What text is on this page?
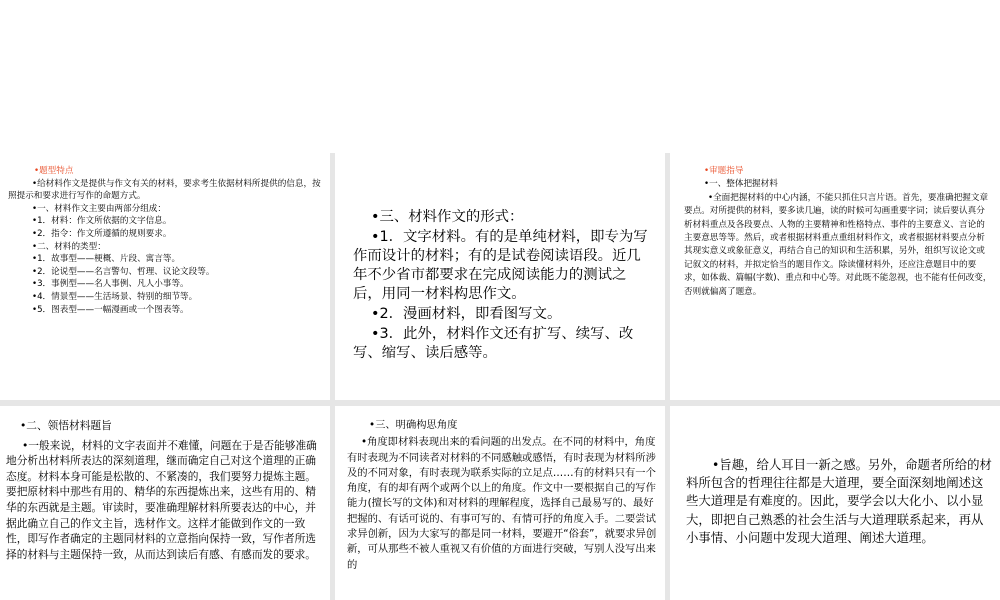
•题型特点
•给材料作文是提供与作文有关的材料，要求考生依据材料所提供的信息，按照提示和要求进行写作的命题方式。
•一、材料作文主要由两部分组成：
•1．材料：作文所依据的文字信息。
•2．指令：作文所遵循的规则要求。
•二、材料的类型：
•1．故事型——梗概、片段、寓言等。
•2．论说型——名言警句、哲理、议论文段等。
•3．事例型——名人事例、凡人小事等。
•4．情景型——生活场景、特别的细节等。
•5．图表型——一幅漫画或一个图表等。
•三、材料作文的形式：
•1．文字材料。有的是单纯材料，即专为写作而设计的材料；有的是试卷阅读语段。近几年不少省市都要求在完成阅读能力的测试之后，用同一材料构思作文。
•2．漫画材料，即看图写文。
•3．此外，材料作文还有扩写、续写、改写、缩写、读后感等。
•审题指导
•一、整体把握材料
•全面把握材料的中心内涵，不能只抓住只言片语。首先，要准确把握文章要点。对所提供的材料，要多读几遍，读的时候可勾画重要字词；读后要认真分析材料重点及各段要点、人物的主要精神和性格特点、事件的主要意义、言论的主要意思等等。然后，或者根据材料重点重组材料作文，或者根据材料要点分析其现实意义或象征意义，再结合自己的知识和生活积累，另外，组织写议论文或记叙文的材料，并拟定恰当的题目作文。除读懂材料外，还应注意题目中的要求，如体裁、篇幅(字数)、重点和中心等。对此既不能忽视，也不能有任何改变，否则就偏离了题意。
•二、领悟材料题旨
•一般来说，材料的文字表面并不难懂，问题在于是否能够准确地分析出材料所表达的深刻道理，继而确定自己对这个道理的正确态度。材料本身可能是松散的、不紧凑的，我们要努力提炼主题。要把原材料中那些有用的、精华的东西提炼出来，这些有用的、精华的东西就是主题。审读时，要准确理解材料所要表达的中心，并据此确立自己的作文主旨，选材作文。这样才能做到作文的一致性，即写作者确定的主题同材料的立意指向保持一致，写作者所选择的材料与主题保持一致，从而达到读后有感、有感而发的要求。
•三、明确构思角度
•角度即材料表现出来的看问题的出发点。在不同的材料中，角度有时表现为不同读者对材料的不同感触或感悟，有时表现为材料所涉及的不同对象，有时表现为联系实际的立足点……有的材料只有一个角度，有的却有两个或两个以上的角度。作文中一要根据自己的写作能力(擅长写的文体)和对材料的理解程度，选择自己最易写的、最好把握的、有话可说的、有事可写的、有情可抒的角度入手。二要尝试求异创新，因为大家写的都是同一材料，要避开“俗套”，就要求异创新，可从那些不被人重视又有价值的方面进行突破，写别人没写出来的
•旨趣，给人耳目一新之感。另外，命题者所给的材料所包含的哲理往往都是大道理，要全面深刻地阐述这些大道理是有难度的。因此，要学会以大化小、以小显大，即把自己熟悉的社会生活与大道理联系起来，再从小事情、小问题中发现大道理、阐述大道理。
